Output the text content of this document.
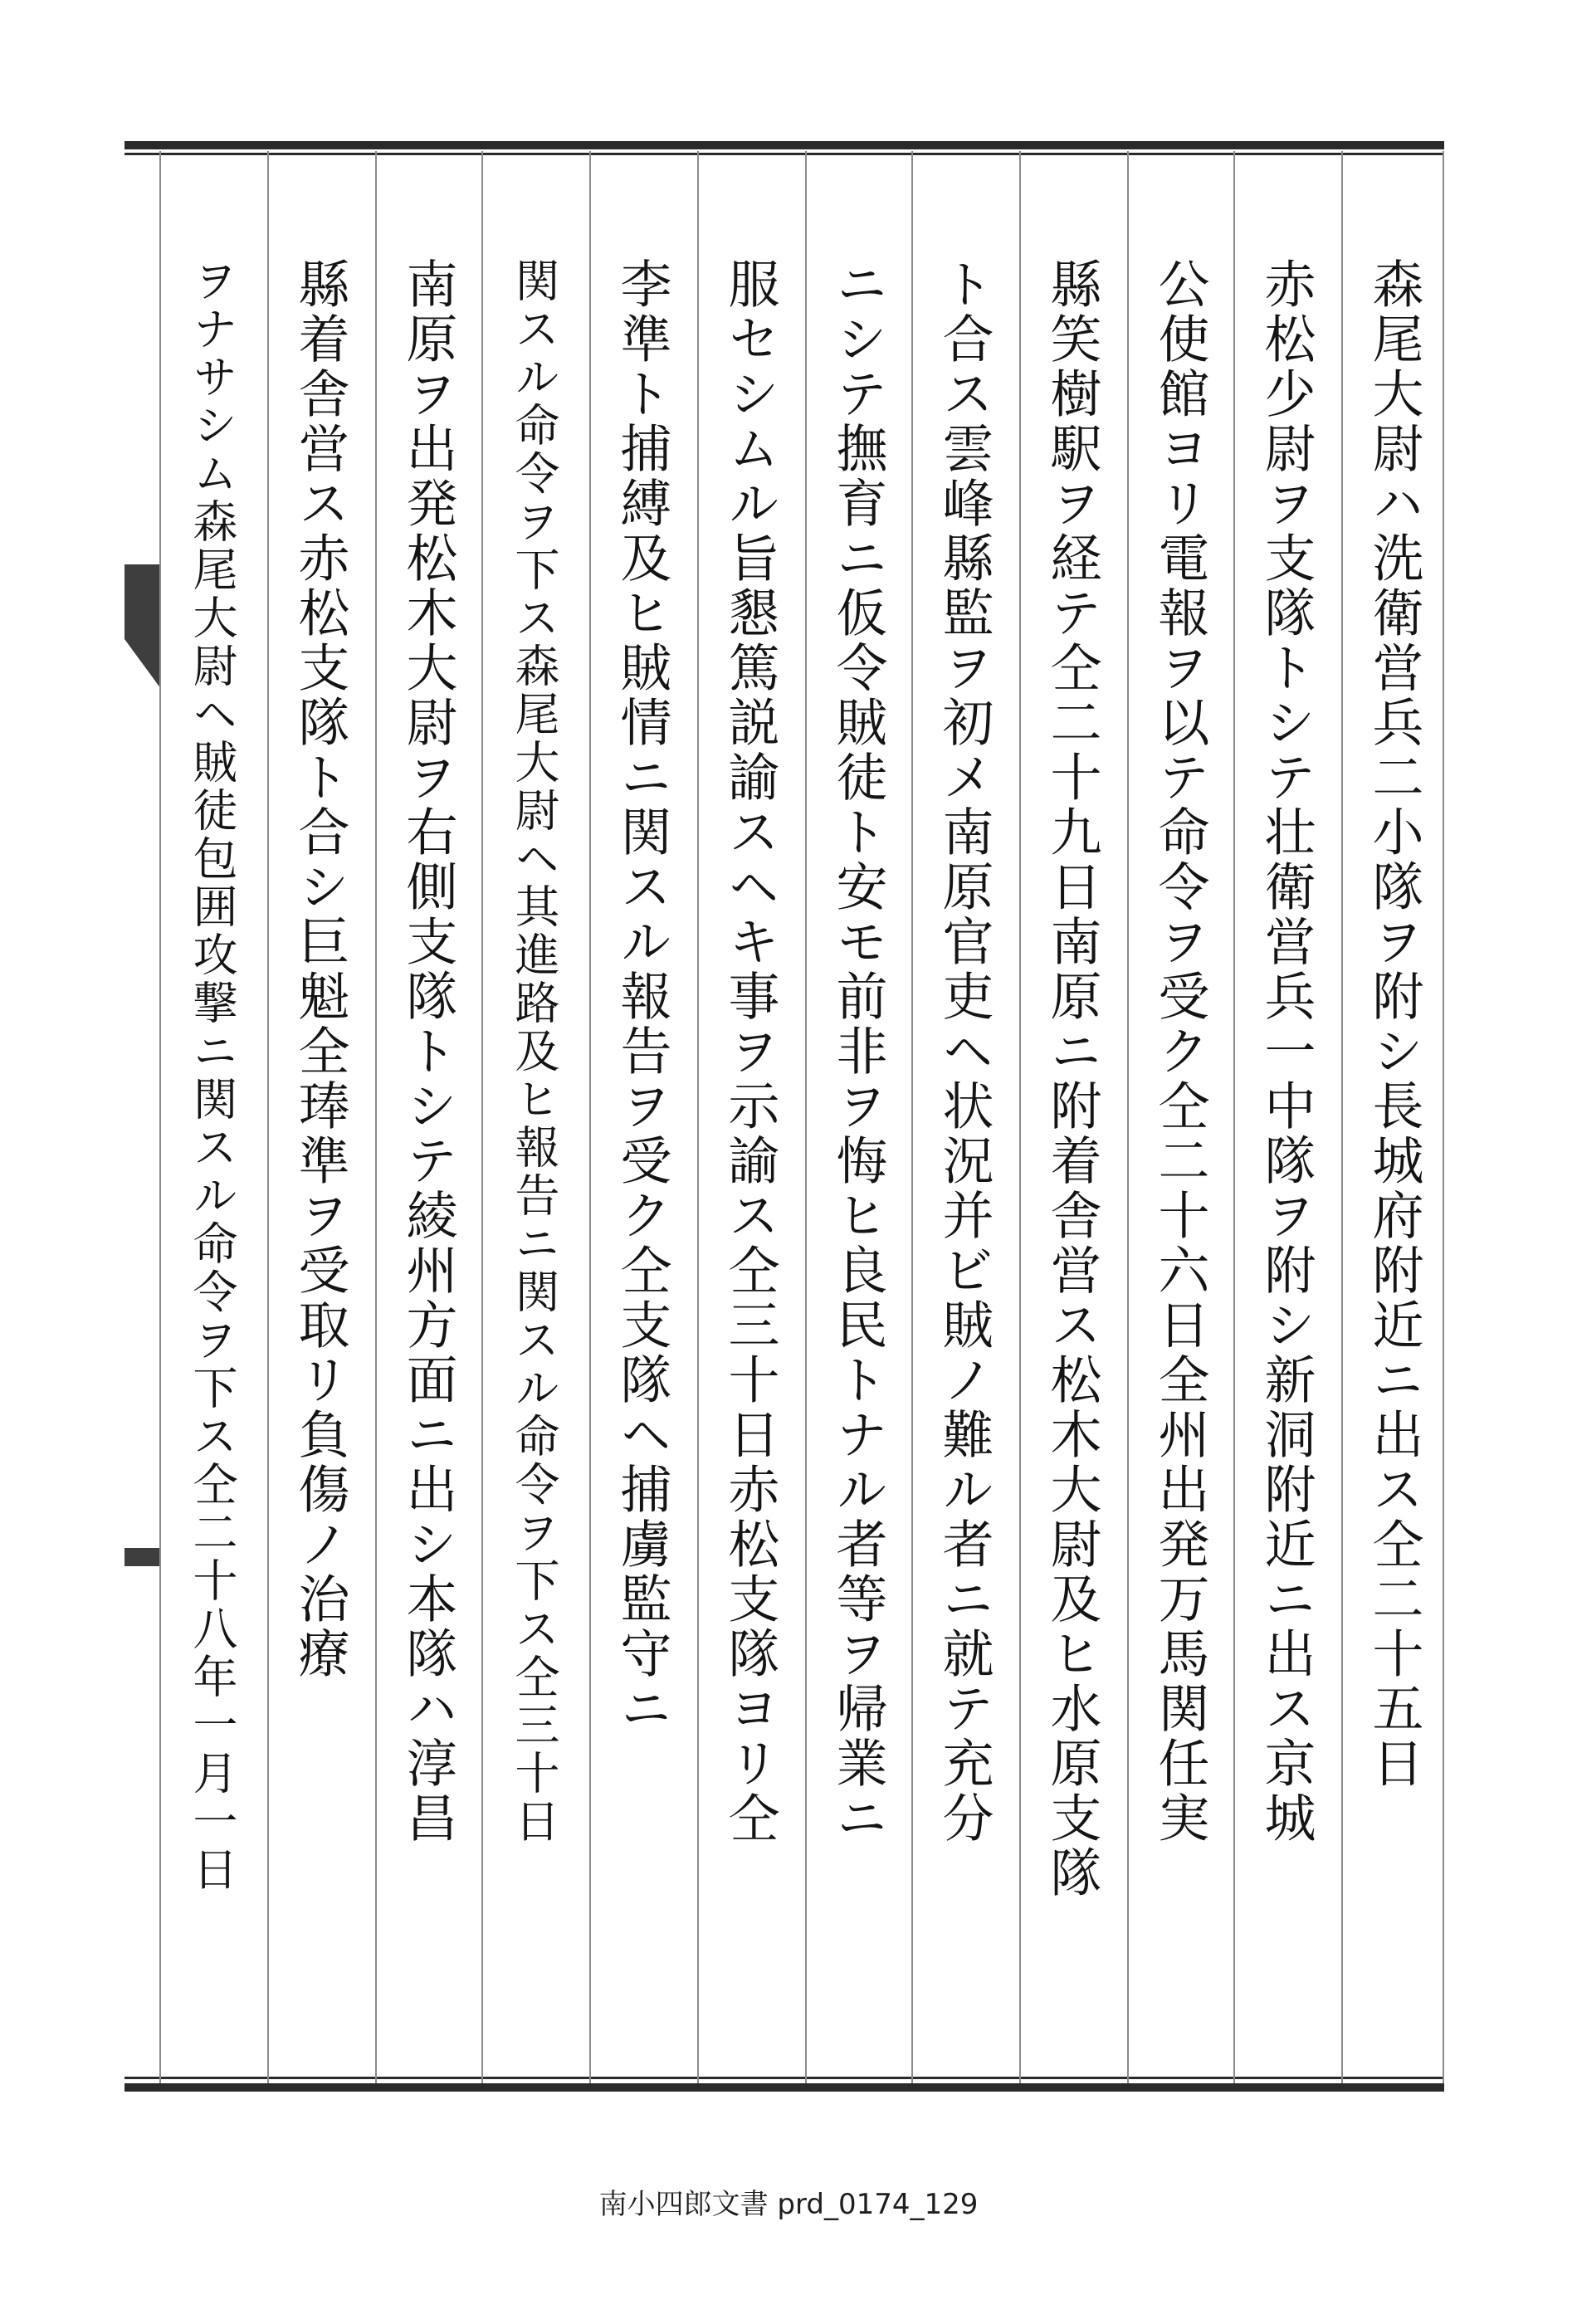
森尾大尉ハ洗衛営兵二小隊ヲ附シ長城府附近ニ出ス仝二十五日
赤松少尉ヲ支隊トシテ壮衛営兵一中隊ヲ附シ新洞附近ニ出ス京城
公使館ヨリ電報ヲ以テ命令ヲ受ク仝二十六日全州出発万馬関任実
縣笑樹駅ヲ経テ仝二十九日南原ニ附着舎営ス松木大尉及ヒ水原支隊
ト合ス雲峰縣監ヲ初メ南原官吏ヘ状況并ビ賊ノ難ル者ニ就テ充分
ニシテ撫育ニ仮令賊徒ト安モ前非ヲ悔ヒ良民トナル者等ヲ帰業ニ
服セシムル旨懇篤説諭スヘキ事ヲ示諭ス仝三十日赤松支隊ヨリ仝
李準ト捕縛及ヒ賊情ニ関スル報告ヲ受ク仝支隊ヘ捕虜監守ニ
関スル命令ヲ下ス森尾大尉ヘ其進路及ヒ報告ニ関スル命令ヲ下ス仝三十日
南原ヲ出発松木大尉ヲ右側支隊トシテ綾州方面ニ出シ本隊ハ淳昌
縣着舎営ス赤松支隊ト合シ巨魁全琫準ヲ受取リ負傷ノ治療
ヲナサシム森尾大尉ヘ賊徒包囲攻撃ニ関スル命令ヲ下ス仝二十八年一月一日
南小四郎文書 prd_0174_129
